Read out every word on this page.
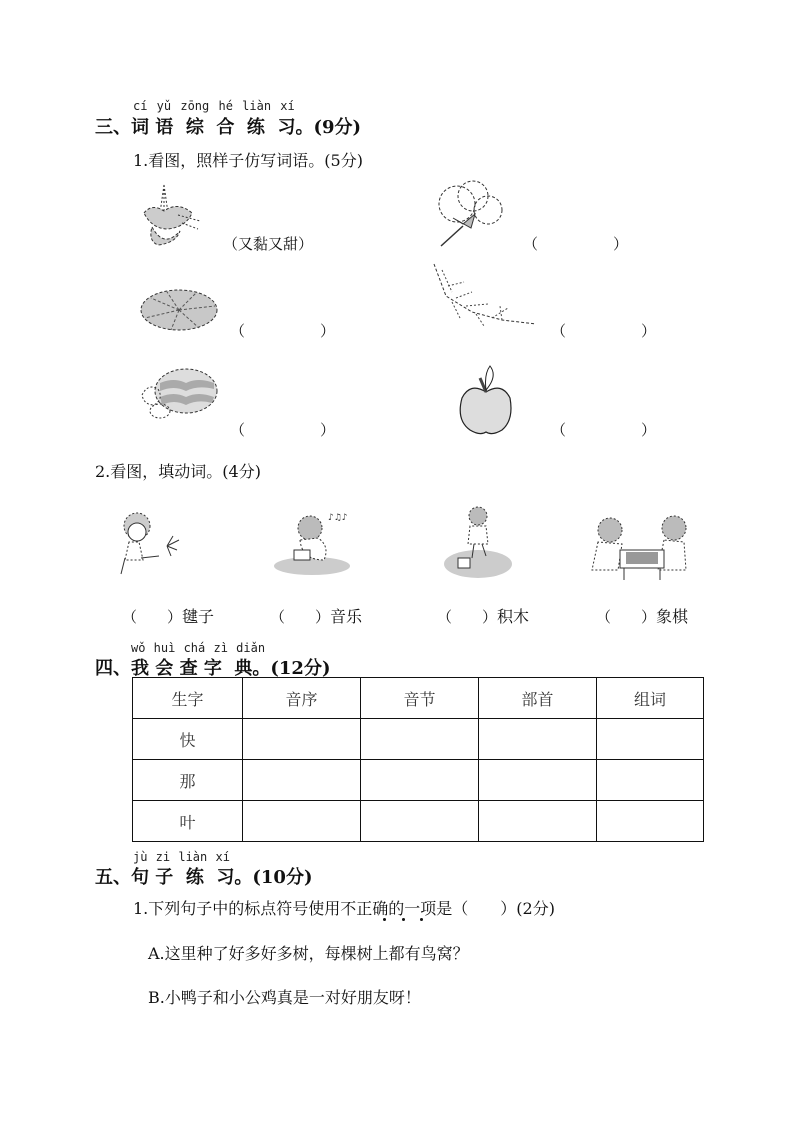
cí yǔ zōng hé liàn xí
三、词 语 综 合 练 习。(9分)
1.看图，照样子仿写词语。(5分)
（又黏又甜）	（　　　　　）
（　　　　　）	（　　　　　）
（　　　　　）	（　　　　　）
2.看图，填动词。(4分)
♪♫♪
（　　）毽子	（　　）音乐	（　　）积木	（　　）象棋
wǒ huì chá zì diǎn
四、我 会 查 字 典。(12分)
生字	音序	音节	部首	组词
快				
那				
叶				
jù zi liàn xí
五、句 子 练 习。(10分)
1.下列句子中的标点符号使用不正确的一项是（　　）(2分)
A.这里种了好多好多树，每棵树上都有鸟窝？
B.小鸭子和小公鸡真是一对好朋友呀！
